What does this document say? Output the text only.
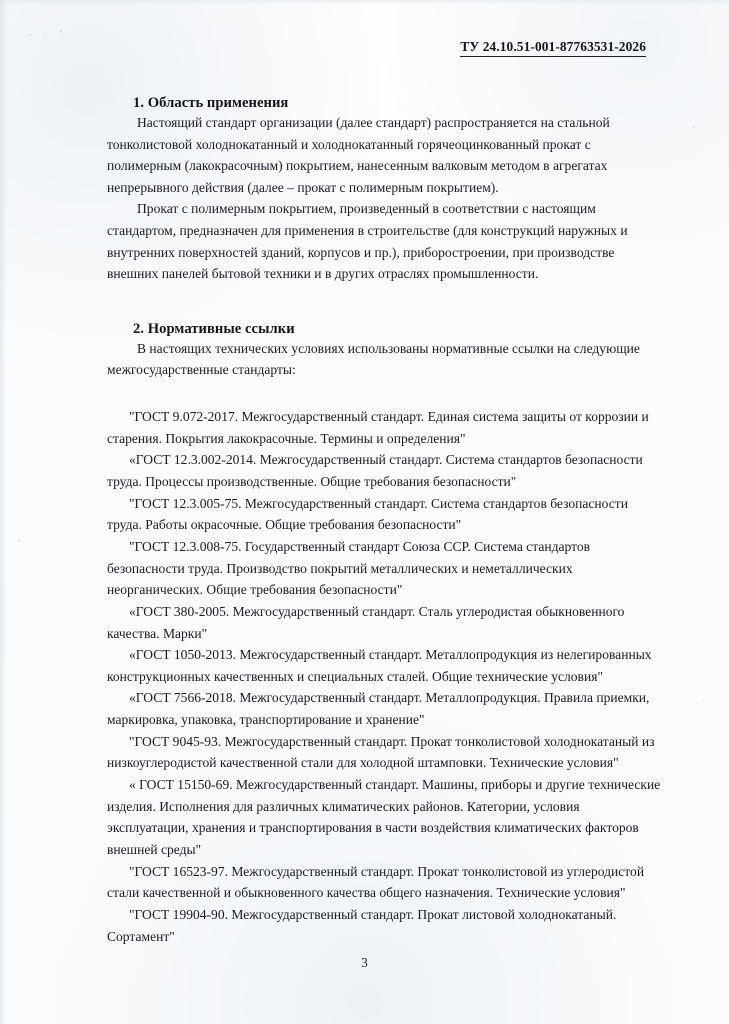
ТУ 24.10.51-001-87763531-2026
1. Область применения

Настоящий стандарт организации (далее стандарт) распространяется на стальной тонколистовой холоднокатанный и холоднокатанный горячеоцинкованный прокат с полимерным (лакокрасочным) покрытием, нанесенным валковым методом в агрегатах непрерывного действия (далее – прокат с полимерным покрытием).

Прокат с полимерным покрытием, произведенный в соответствии с настоящим стандартом, предназначен для применения в строительстве (для конструкций наружных и внутренних поверхностей зданий, корпусов и пр.), приборостроении, при производстве внешних панелей бытовой техники и в других отраслях промышленности.

2. Нормативные ссылки

В настоящих технических условиях использованы нормативные ссылки на следующие межгосударственные стандарты:

"ГОСТ 9.072-2017. Межгосударственный стандарт. Единая система защиты от коррозии и старения. Покрытия лакокрасочные. Термины и определения"

«ГОСТ 12.3.002-2014. Межгосударственный стандарт. Система стандартов безопасности труда. Процессы производственные. Общие требования безопасности"

"ГОСТ 12.3.005-75. Межгосударственный стандарт. Система стандартов безопасности труда. Работы окрасочные. Общие требования безопасности"

"ГОСТ 12.3.008-75. Государственный стандарт Союза ССР. Система стандартов безопасности труда. Производство покрытий металлических и неметаллических неорганических. Общие требования безопасности"

«ГОСТ 380-2005. Межгосударственный стандарт. Сталь углеродистая обыкновенного качества. Марки"

«ГОСТ 1050-2013. Межгосударственный стандарт. Металлопродукция из нелегированных конструкционных качественных и специальных сталей. Общие технические условия"

«ГОСТ 7566-2018. Межгосударственный стандарт. Металлопродукция. Правила приемки, маркировка, упаковка, транспортирование и хранение"

"ГОСТ 9045-93. Межгосударственный стандарт. Прокат тонколистовой холоднокатаный из низкоуглеродистой качественной стали для холодной штамповки. Технические условия"

« ГОСТ 15150-69. Межгосударственный стандарт. Машины, приборы и другие технические изделия. Исполнения для различных климатических районов. Категории, условия эксплуатации, хранения и транспортирования в части воздействия климатических факторов внешней среды"

"ГОСТ 16523-97. Межгосударственный стандарт. Прокат тонколистовой из углеродистой стали качественной и обыкновенного качества общего назначения. Технические условия"

"ГОСТ 19904-90. Межгосударственный стандарт. Прокат листовой холоднокатаный. Сортамент"

3
